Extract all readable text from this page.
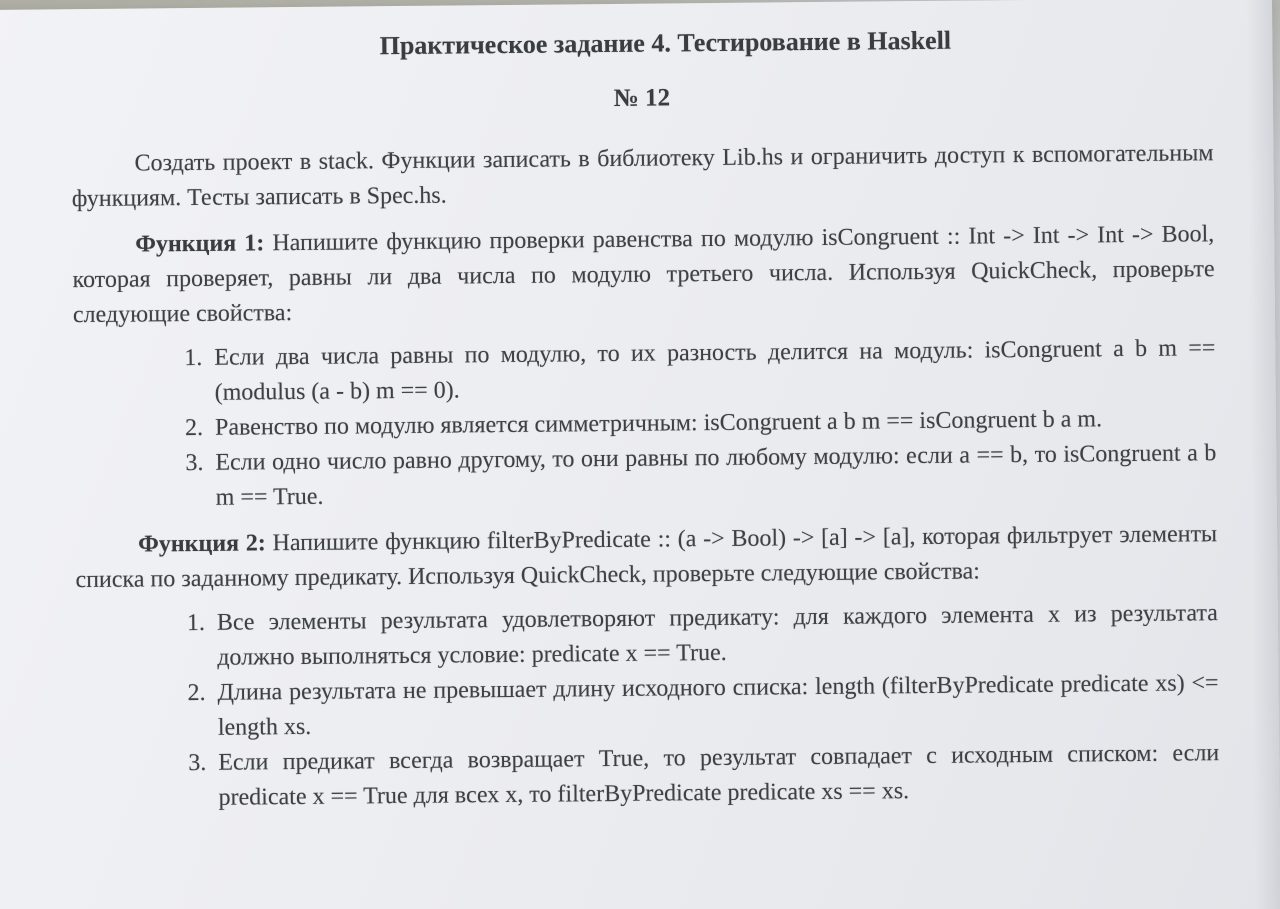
Практическое задание 4. Тестирование в Haskell
№ 12

Создать проект в stack. Функции записать в библиотеку Lib.hs и ограничить доступ к вспомогательным функциям. Тесты записать в Spec.hs.

Функция 1: Напишите функцию проверки равенства по модулю isCongruent :: Int -> Int -> Int -> Bool, которая проверяет, равны ли два числа по модулю третьего числа. Используя QuickCheck, проверьте следующие свойства:

1. Если два числа равны по модулю, то их разность делится на модуль: isCongruent a b m == (modulus (a - b) m == 0).
2. Равенство по модулю является симметричным: isCongruent a b m == isCongruent b a m.
3. Если одно число равно другому, то они равны по любому модулю: если a == b, то isCongruent a b m == True.

Функция 2: Напишите функцию filterByPredicate :: (a -> Bool) -> [a] -> [a], которая фильтрует элементы списка по заданному предикату. Используя QuickCheck, проверьте следующие свойства:

1. Все элементы результата удовлетворяют предикату: для каждого элемента x из результата должно выполняться условие: predicate x == True.
2. Длина результата не превышает длину исходного списка: length (filterByPredicate predicate xs) <= length xs.
3. Если предикат всегда возвращает True, то результат совпадает с исходным списком: если predicate x == True для всех x, то filterByPredicate predicate xs == xs.
